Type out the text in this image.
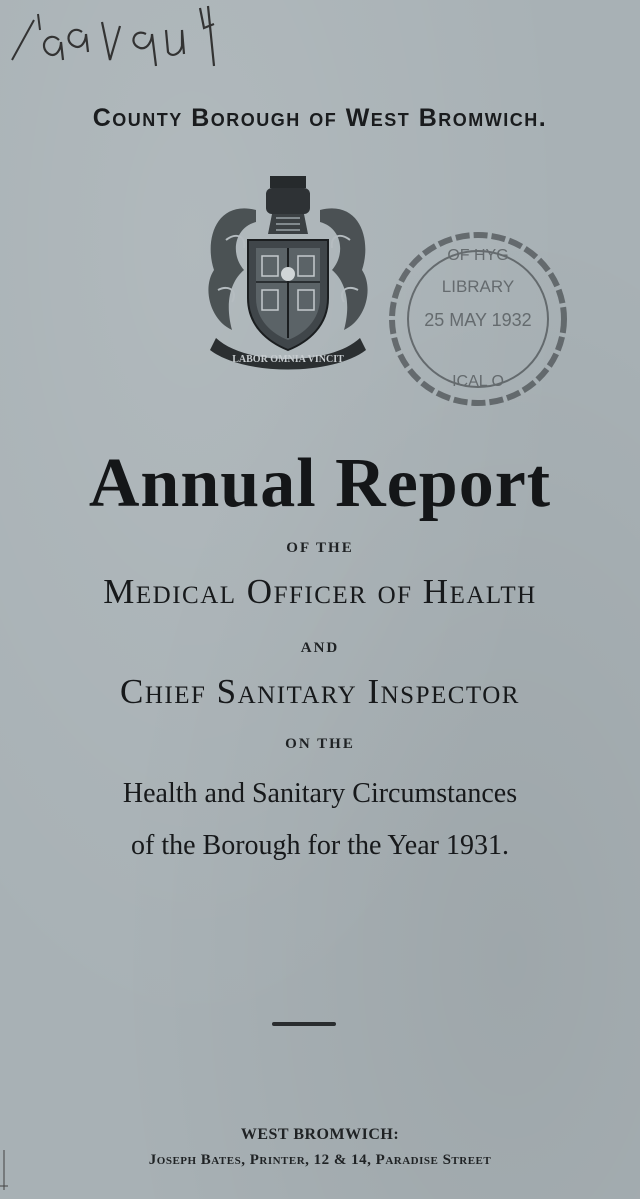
County Borough of West Bromwich.
LABOR OMNIA VINCIT
OF HYG
LIBRARY
25 MAY 1932
ICAL O
Annual Report
OF THE
Medical Officer of Health
AND
Chief Sanitary Inspector
ON THE
Health and Sanitary Circumstances
of the Borough for the Year 1931.
WEST BROMWICH:
Joseph Bates, Printer, 12 & 14, Paradise Street
